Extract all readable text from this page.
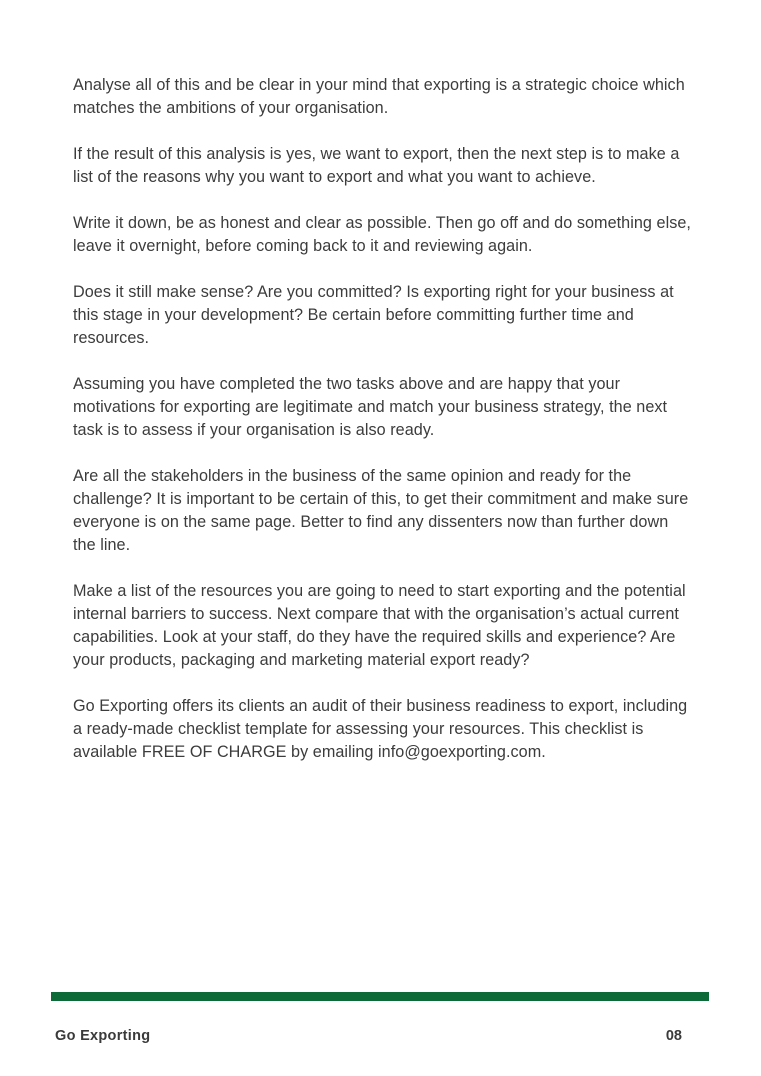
Analyse all of this and be clear in your mind that exporting is a strategic choice which matches the ambitions of your organisation.

If the result of this analysis is yes, we want to export, then the next step is to make a list of the reasons why you want to export and what you want to achieve.

Write it down, be as honest and clear as possible. Then go off and do something else, leave it overnight, before coming back to it and reviewing again.

Does it still make sense? Are you committed? Is exporting right for your business at this stage in your development? Be certain before committing further time and resources.

Assuming you have completed the two tasks above and are happy that your motivations for exporting are legitimate and match your business strategy, the next task is to assess if your organisation is also ready.

Are all the stakeholders in the business of the same opinion and ready for the challenge? It is important to be certain of this, to get their commitment and make sure everyone is on the same page. Better to find any dissenters now than further down the line.

Make a list of the resources you are going to need to start exporting and the potential internal barriers to success. Next compare that with the organisation’s actual current capabilities. Look at your staff, do they have the required skills and experience? Are your products, packaging and marketing material export ready?

Go Exporting offers its clients an audit of their business readiness to export, including a ready-made checklist template for assessing your resources. This checklist is available FREE OF CHARGE by emailing info@goexporting.com.

Go Exporting	08
